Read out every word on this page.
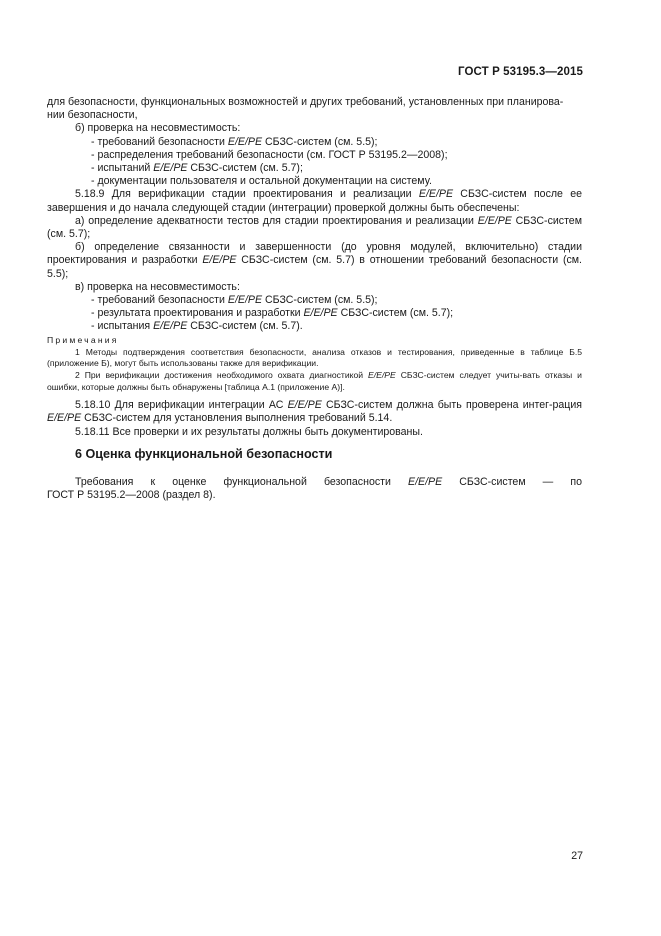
ГОСТ Р 53195.3—2015

для безопасности, функциональных возможностей и других требований, установленных при планирова-
нии безопасности,

б) проверка на несовместимость:

- требований безопасности E/E/PE СБЗС-систем (см. 5.5);

- распределения требований безопасности (см. ГОСТ Р 53195.2—2008);

- испытаний E/E/PE СБЗС-систем (см. 5.7);

- документации пользователя и остальной документации на систему.

5.18.9 Для верификации стадии проектирования и реализации E/E/PE СБЗС-систем после ее завершения и до начала следующей стадии (интеграции) проверкой должны быть обеспечены:

а) определение адекватности тестов для стадии проектирования и реализации E/E/PE СБЗС-систем (см. 5.7);

б) определение связанности и завершенности (до уровня модулей, включительно) стадии проектирования и разработки E/E/PE СБЗС-систем (см. 5.7) в отношении требований безопасности (см. 5.5);

в) проверка на несовместимость:

- требований безопасности E/E/PE СБЗС-систем (см. 5.5);

- результата проектирования и разработки E/E/PE СБЗС-систем (см. 5.7);

- испытания E/E/PE СБЗС-систем (см. 5.7).

Примечания

1 Методы подтверждения соответствия безопасности, анализа отказов и тестирования, приведенные в таблице Б.5 (приложение Б), могут быть использованы также для верификации.

2 При верификации достижения необходимого охвата диагностикой E/E/PE СБЗС-систем следует учиты-вать отказы и ошибки, которые должны быть обнаружены [таблица А.1 (приложение А)].

5.18.10 Для верификации интеграции АС E/E/PE СБЗС-систем должна быть проверена интег-рация E/E/PE СБЗС-систем для установления выполнения требований 5.14.

5.18.11 Все проверки и их результаты должны быть документированы.

6 Оценка функциональной безопасности

Требования к оценке функциональной безопасности E/E/PE СБЗС-систем — по

ГОСТ Р 53195.2—2008 (раздел 8).

27
